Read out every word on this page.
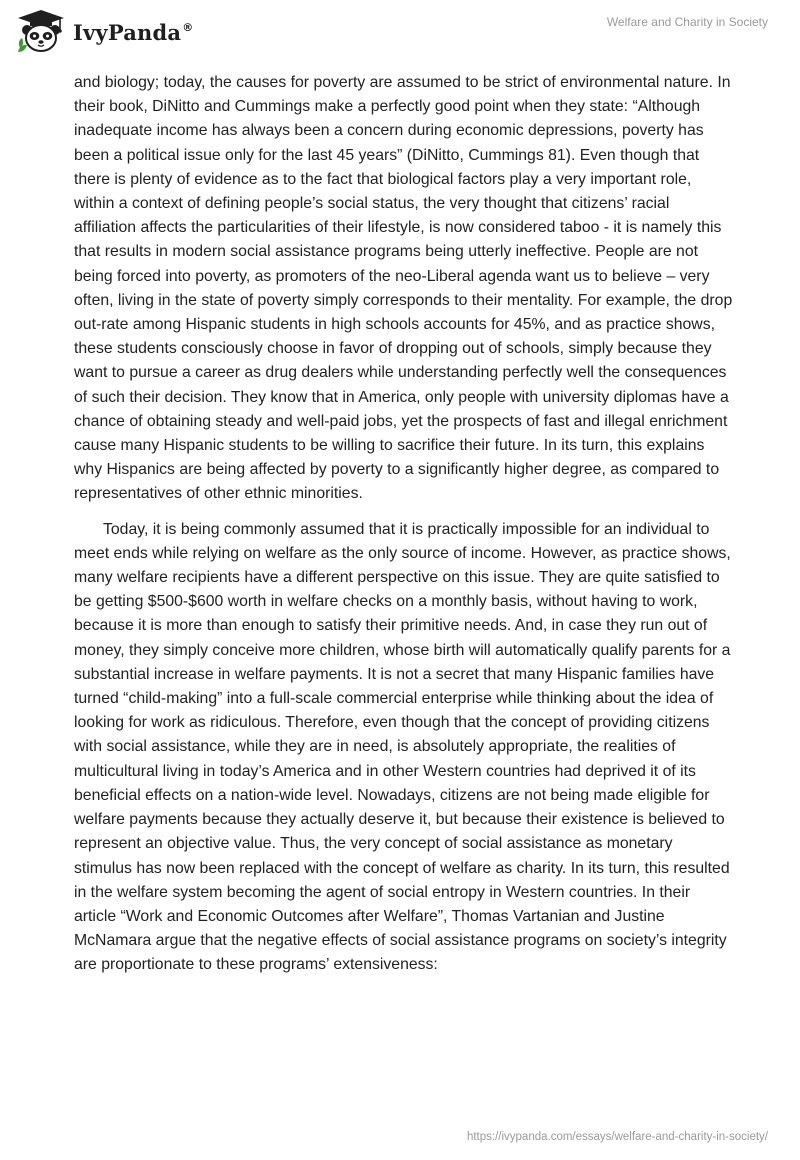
IvyPanda®	Welfare and Charity in Society

and biology; today, the causes for poverty are assumed to be strict of environmental nature. In their book, DiNitto and Cummings make a perfectly good point when they state: “Although inadequate income has always been a concern during economic depressions, poverty has been a political issue only for the last 45 years” (DiNitto, Cummings 81). Even though that there is plenty of evidence as to the fact that biological factors play a very important role, within a context of defining people’s social status, the very thought that citizens’ racial affiliation affects the particularities of their lifestyle, is now considered taboo - it is namely this that results in modern social assistance programs being utterly ineffective. People are not being forced into poverty, as promoters of the neo-Liberal agenda want us to believe – very often, living in the state of poverty simply corresponds to their mentality. For example, the drop out-rate among Hispanic students in high schools accounts for 45%, and as practice shows, these students consciously choose in favor of dropping out of schools, simply because they want to pursue a career as drug dealers while understanding perfectly well the consequences of such their decision. They know that in America, only people with university diplomas have a chance of obtaining steady and well-paid jobs, yet the prospects of fast and illegal enrichment cause many Hispanic students to be willing to sacrifice their future. In its turn, this explains why Hispanics are being affected by poverty to a significantly higher degree, as compared to representatives of other ethnic minorities.

Today, it is being commonly assumed that it is practically impossible for an individual to meet ends while relying on welfare as the only source of income. However, as practice shows, many welfare recipients have a different perspective on this issue. They are quite satisfied to be getting $500-$600 worth in welfare checks on a monthly basis, without having to work, because it is more than enough to satisfy their primitive needs. And, in case they run out of money, they simply conceive more children, whose birth will automatically qualify parents for a substantial increase in welfare payments. It is not a secret that many Hispanic families have turned “child-making” into a full-scale commercial enterprise while thinking about the idea of looking for work as ridiculous. Therefore, even though that the concept of providing citizens with social assistance, while they are in need, is absolutely appropriate, the realities of multicultural living in today’s America and in other Western countries had deprived it of its beneficial effects on a nation-wide level. Nowadays, citizens are not being made eligible for welfare payments because they actually deserve it, but because their existence is believed to represent an objective value. Thus, the very concept of social assistance as monetary stimulus has now been replaced with the concept of welfare as charity. In its turn, this resulted in the welfare system becoming the agent of social entropy in Western countries. In their article “Work and Economic Outcomes after Welfare”, Thomas Vartanian and Justine McNamara argue that the negative effects of social assistance programs on society’s integrity are proportionate to these programs’ extensiveness:

https://ivypanda.com/essays/welfare-and-charity-in-society/
